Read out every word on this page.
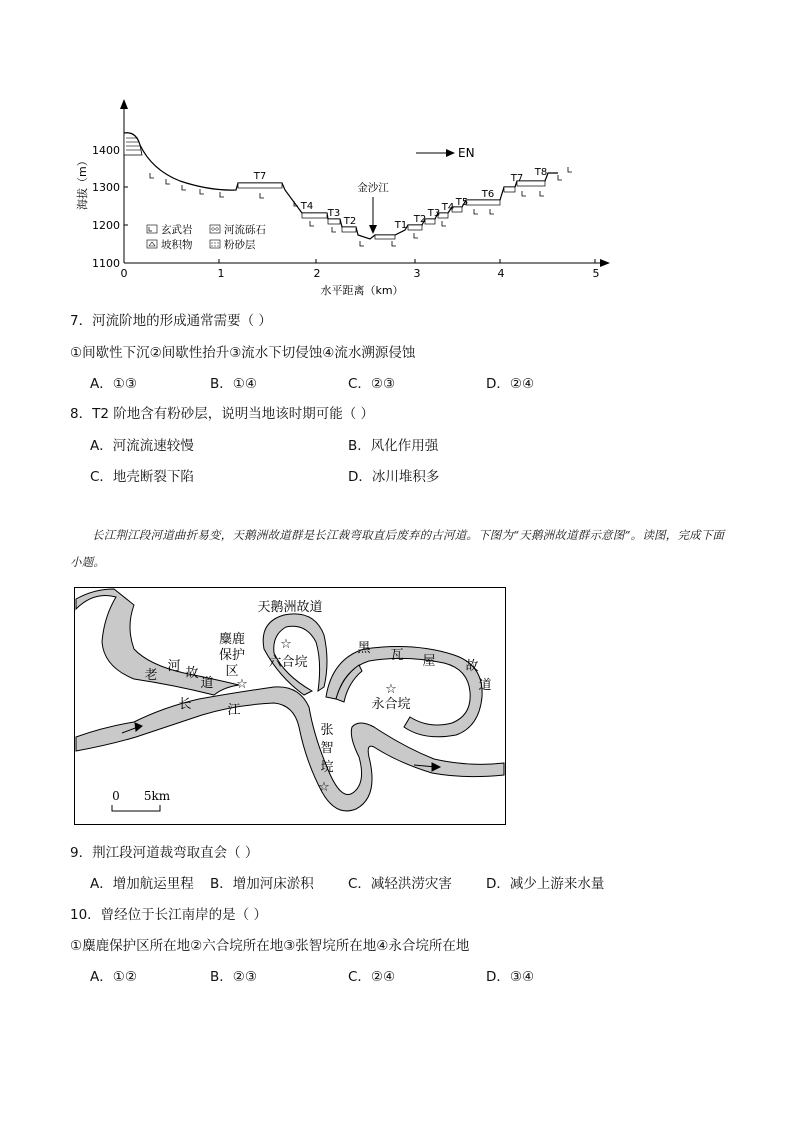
1400
1300
1200
1100
0	1	2	3	4	5
水平距离（km）
海拔（m）	T7
T4
T3
T2	T1
T2
T3
T4 T5
T6
T7
T8
金沙江
EN
玄武岩	河流砾石
坡积物	粉砂层
7．河流阶地的形成通常需要（ ）
①间歇性下沉②间歇性抬升③流水下切侵蚀④流水溯源侵蚀
A．①③	B．①④	C．②③	D．②④
8．T2 阶地含有粉砂层，说明当地该时期可能（ ）
A．河流流速较慢	B．风化作用强
C．地壳断裂下陷	D．冰川堆积多
长江荆江段河道曲折易变，天鹅洲故道群是长江裁弯取直后废弃的古河道。下图为“天鹅洲故道群示意图”。读图，完成下面小题。
☆
☆	☆
☆
天鹅洲故道
麋鹿
保护
区
六合垸
黑 瓦 屋 故
道
永合垸
老
河 故
道
长	江
张
智
垸
0 5km
9．荆江段河道裁弯取直会（ ）
A．增加航运里程 B．增加河床淤积	C．减轻洪涝灾害	D．减少上游来水量
10．曾经位于长江南岸的是（ ）
①麋鹿保护区所在地②六合垸所在地③张智垸所在地④永合垸所在地
A．①②	B．②③	C．②④	D．③④
